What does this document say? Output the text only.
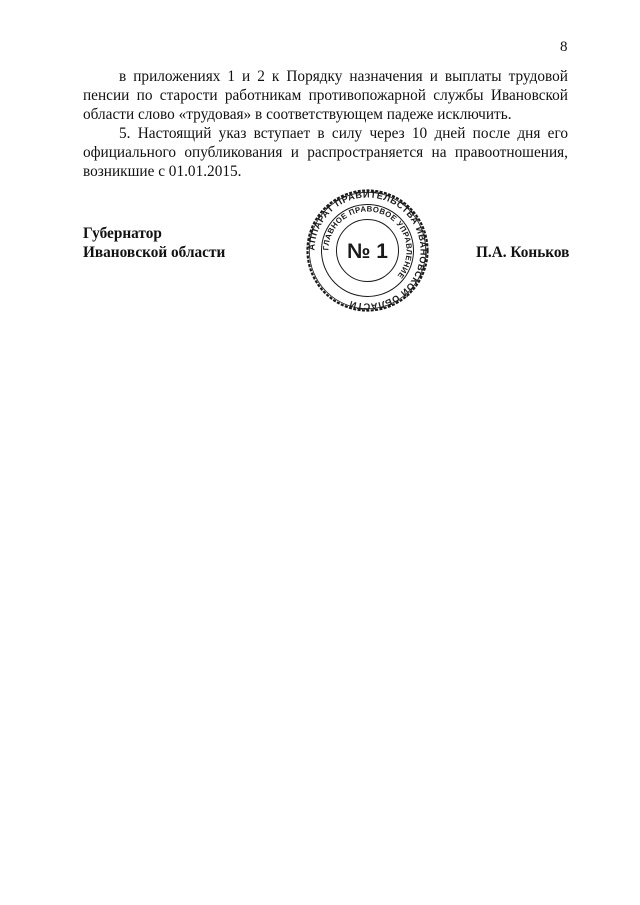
8

в приложениях 1 и 2 к Порядку назначения и выплаты трудовой пенсии по старости работникам противопожарной службы Ивановской области слово «трудовая» в соответствующем падеже исключить.

5. Настоящий указ вступает в силу через 10 дней после дня его официального опубликования и распространяется на правоотношения, возникшие с 01.01.2015.

Губернатор
Ивановской области	АППАРАТ ПРАВИТЕЛЬСТВА ИВАНОВСКОЙ ОБЛАСТИ
ГЛАВНОЕ ПРАВОВОЕ УПРАВЛЕНИЕ
№ 1	П.А. Коньков
